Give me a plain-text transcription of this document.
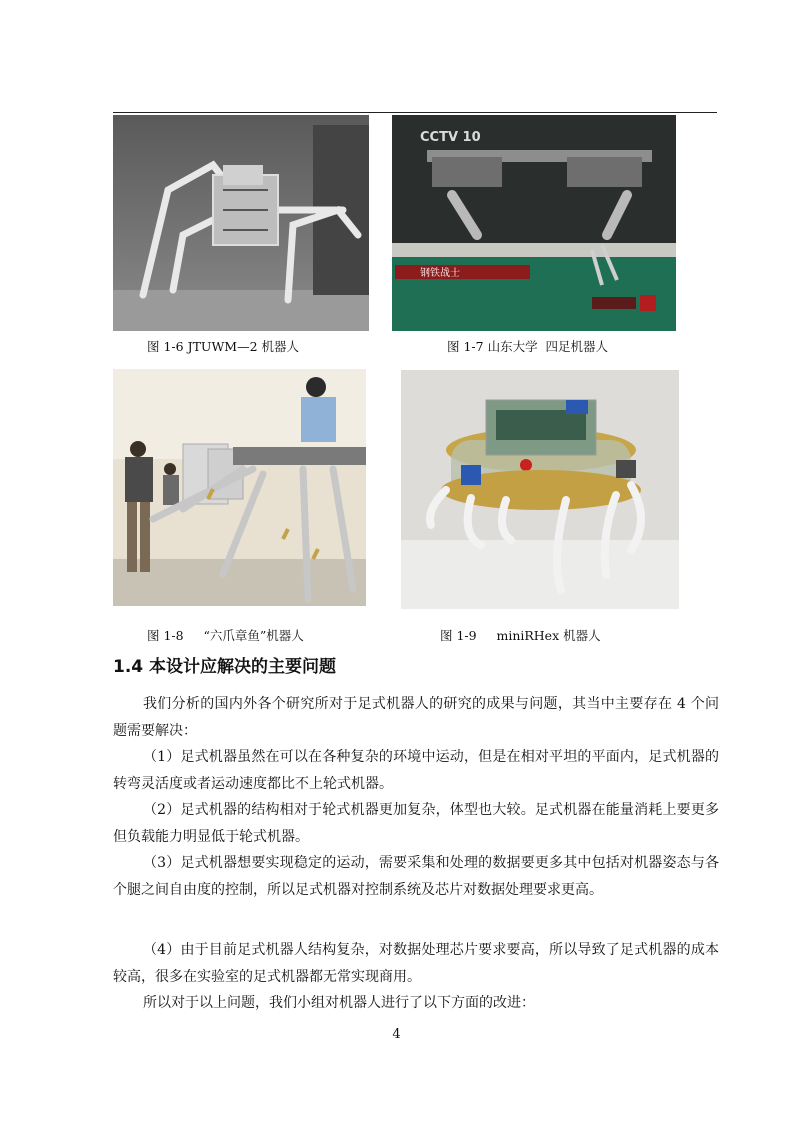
图 1-6 JTUWM—2 机器人
钢铁战士
CCTV 10
图 1-7 山东大学  四足机器人
图 1-8     “六爪章鱼”机器人	图 1-9     miniRHex 机器人
1.4 本设计应解决的主要问题
我们分析的国内外各个研究所对于足式机器人的研究的成果与问题，其当中主要存在 4 个问题需要解决：
（1）足式机器虽然在可以在各种复杂的环境中运动，但是在相对平坦的平面内，足式机器的转弯灵活度或者运动速度都比不上轮式机器。
（2）足式机器的结构相对于轮式机器更加复杂，体型也大较。足式机器在能量消耗上要更多但负载能力明显低于轮式机器。
（3）足式机器想要实现稳定的运动，需要采集和处理的数据要更多其中包括对机器姿态与各个腿之间自由度的控制，所以足式机器对控制系统及芯片对数据处理要求更高。
（4）由于目前足式机器人结构复杂，对数据处理芯片要求要高，所以导致了足式机器的成本较高，很多在实验室的足式机器都无常实现商用。
所以对于以上问题，我们小组对机器人进行了以下方面的改进：
4
